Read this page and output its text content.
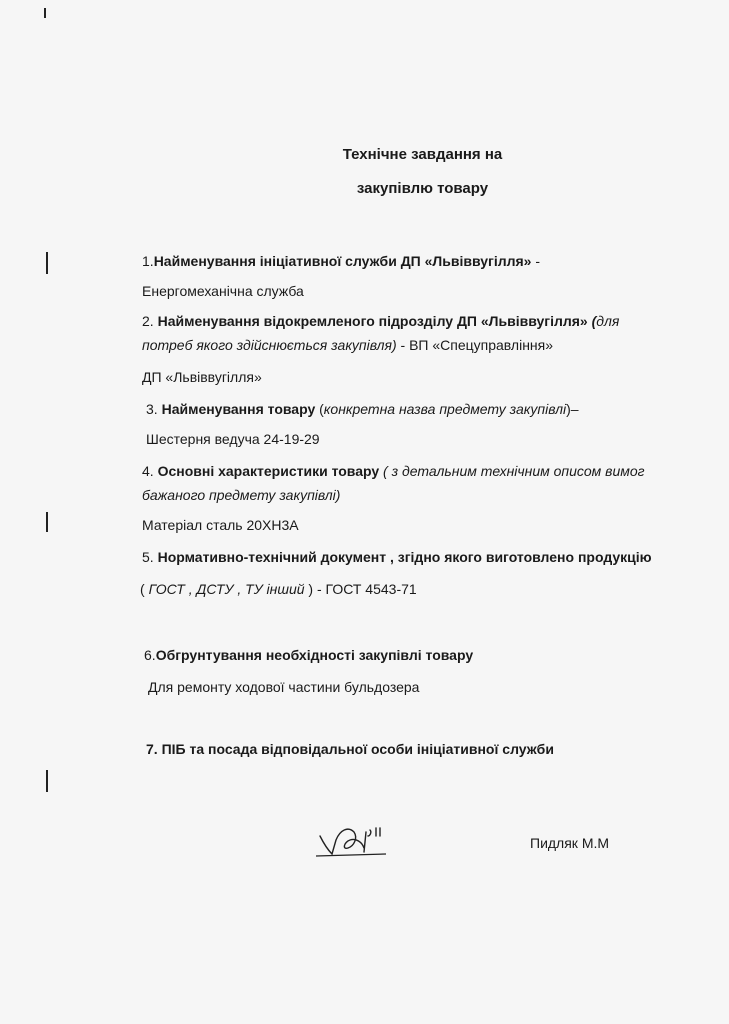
Технічне завдання на
закупівлю товару
1.Найменування ініціативної служби ДП «Львіввугілля» -
Енергомеханічна служба
2. Найменування відокремленого підрозділу ДП «Львіввугілля» (для
потреб якого здійснюється закупівля) - ВП «Спецуправління»
ДП «Львіввугілля»
3. Найменування товару (конкретна назва предмету закупівлі)–
Шестерня ведуча 24-19-29
4. Основні характеристики товару ( з детальним технічним описом вимог
бажаного предмету закупівлі)
Матеріал сталь 20ХН3А
5. Нормативно-технічний документ , згідно якого виготовлено продукцію
( ГОСТ , ДСТУ , ТУ інший ) - ГОСТ 4543-71
6.Обгрунтування необхідності закупівлі товару
Для ремонту ходової частини бульдозера
7. ПІБ та посада відповідальної особи ініціативної служби
Пидляк М.М
